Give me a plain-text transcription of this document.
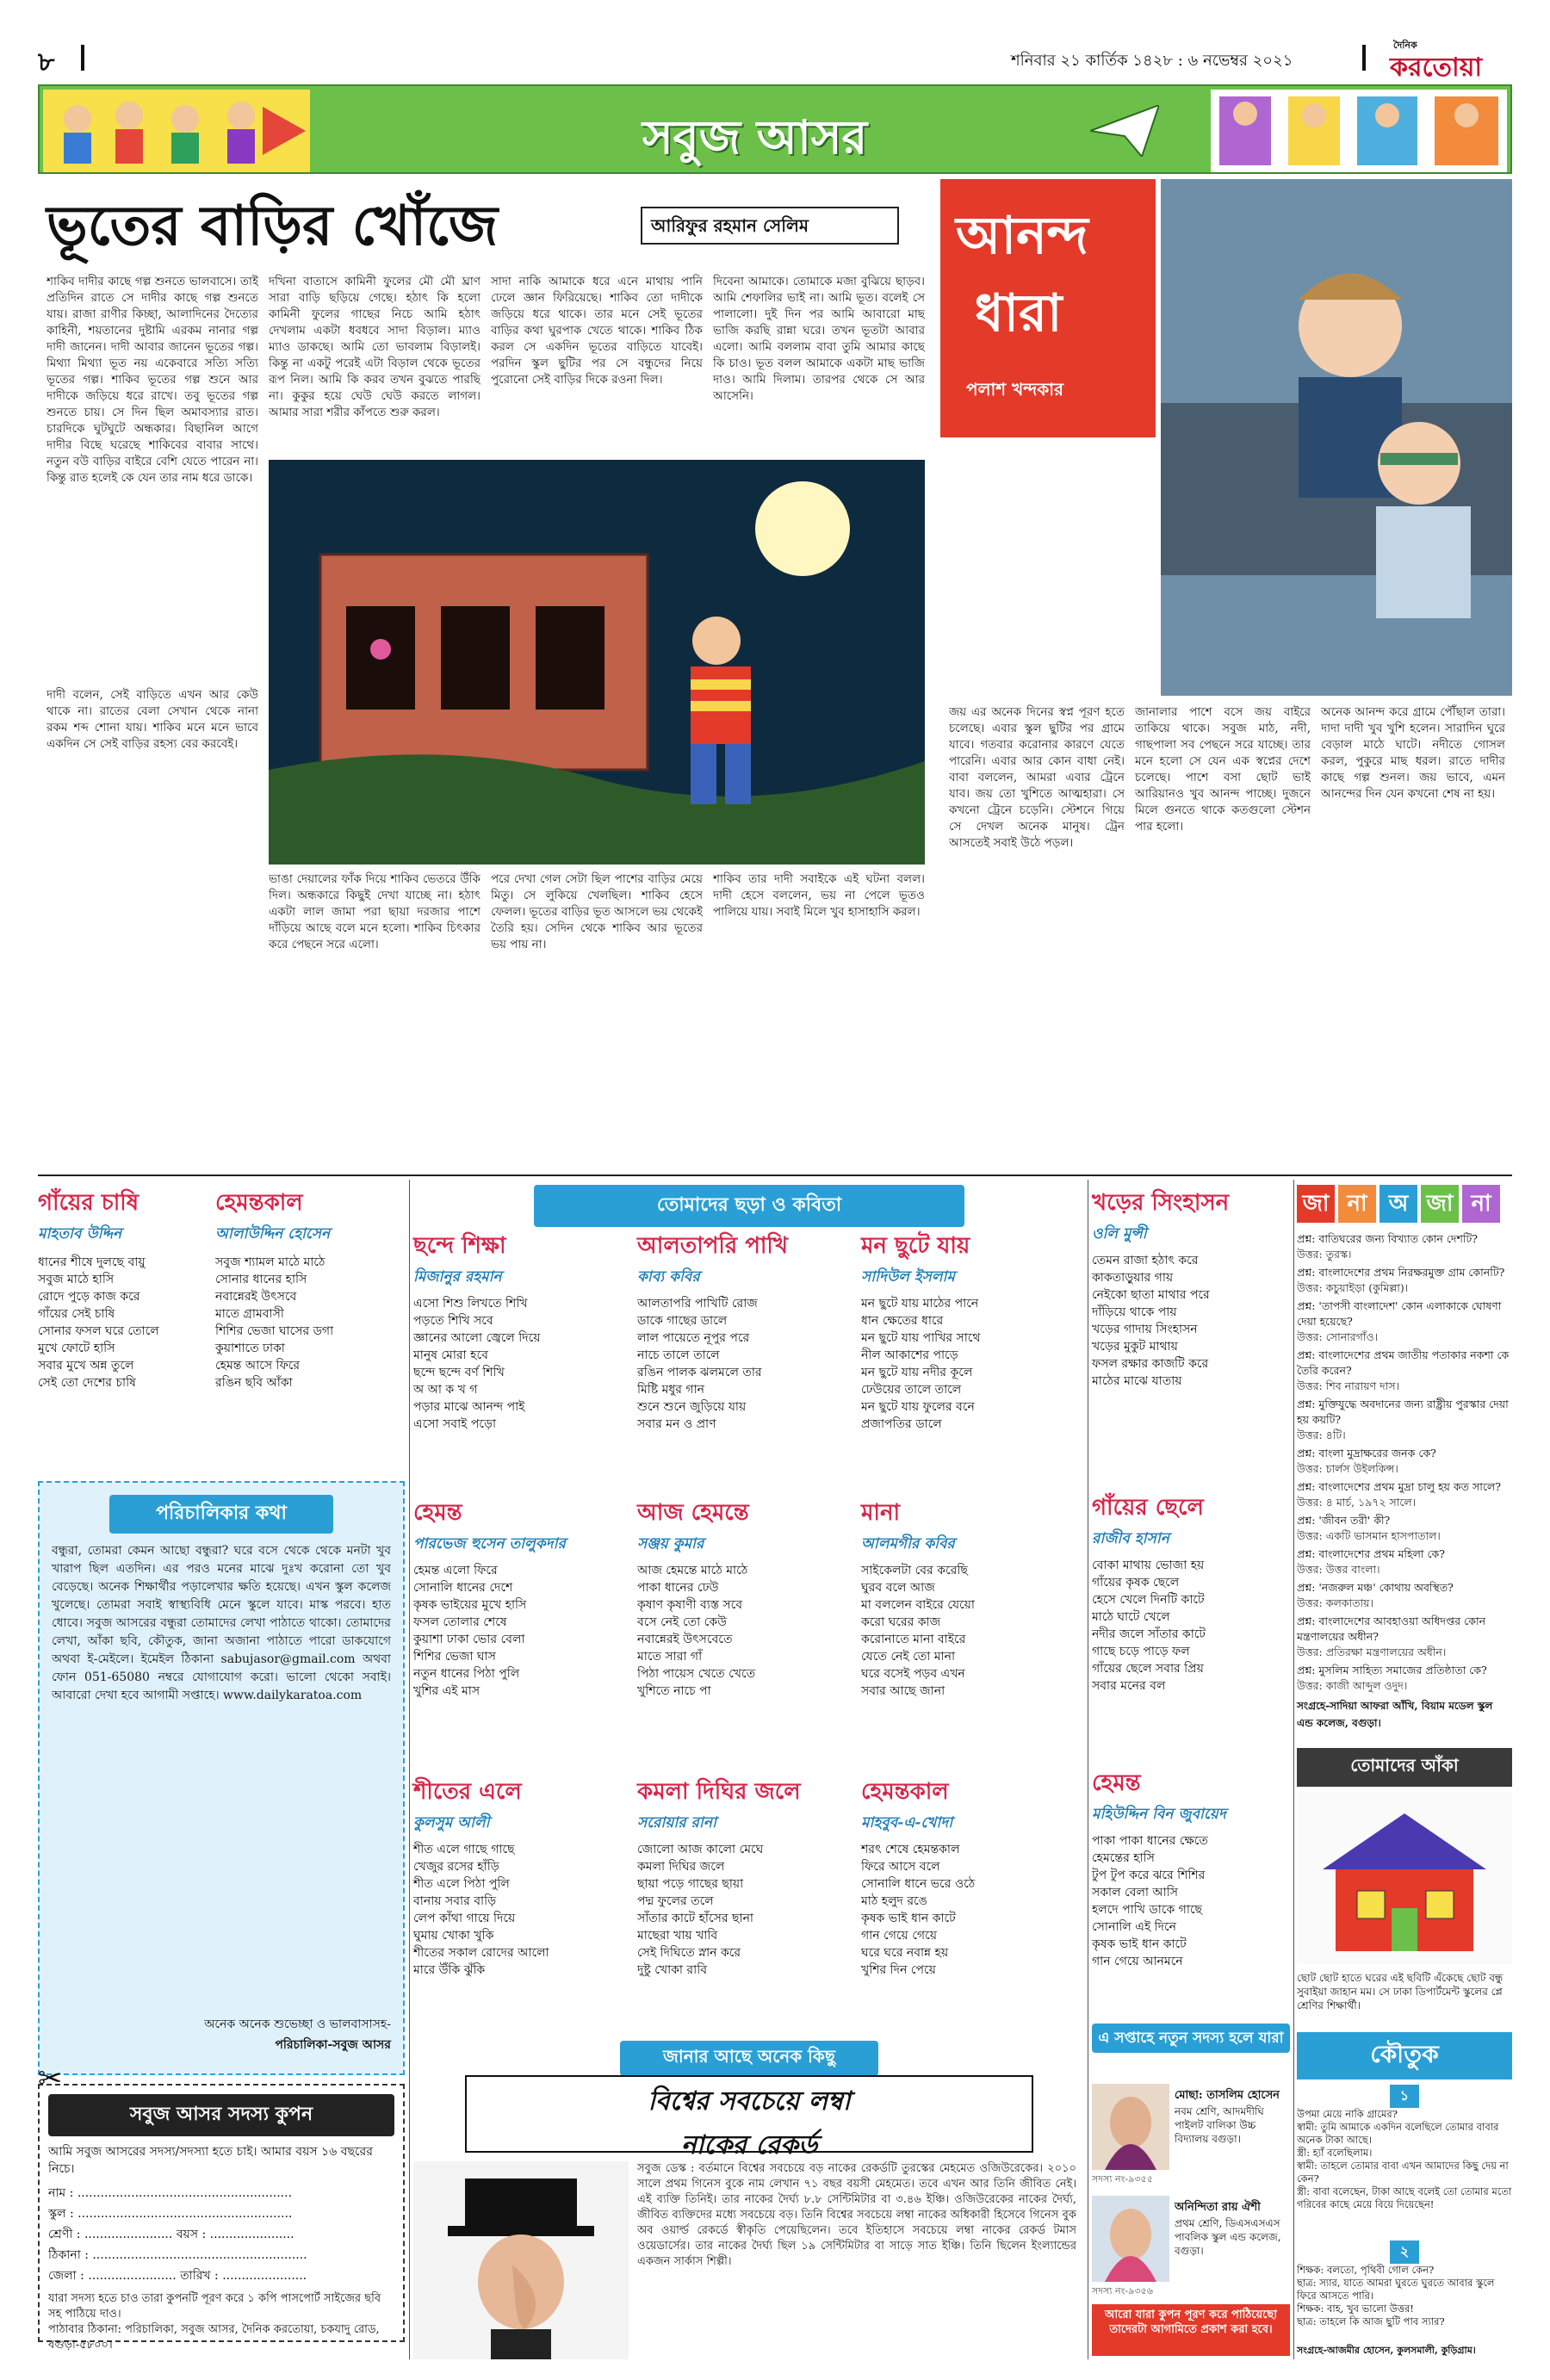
৮	শনিবার ২১ কার্তিক ১৪২৮ : ৬ নভেম্বর ২০২১
দৈনিক
করতোয়া
সবুজ আসর
ভূতের বাড়ির খোঁজে	আরিফুর রহমান সেলিম
শাকিব দাদীর কাছে গল্প শুনতে ভালবাসে। তাই প্রতিদিন রাতে সে দাদীর কাছে গল্প শুনতে যায়। রাজা রাণীর কিচ্ছা, আলাদিনের দৈত্যের কাহিনী, শয়তানের দুষ্টামি এরকম নানার গল্প দাদী জানেন। দাদী আবার জানেন ভূতের গল্প। মিথ্যা মিথ্যা ভূত নয় একেবারে সত্যি সত্যি ভূতের গল্প। শাকিব ভূতের গল্প শুনে আর দাদীকে জড়িয়ে ধরে রাখে। তবু ভূতের গল্প শুনতে চায়। সে দিন ছিল অমাবস্যার রাত। চারদিকে ঘুটঘুটে অন্ধকার। বিছানিল আগে দাদীর বিছে ঘরেছে শাকিবের বাবার সাথে। নতুন বউ বাড়ির বাইরে বেশি যেতে পারেন না। কিন্তু রাত হলেই কে যেন তার নাম ধরে ডাকে।
দখিনা বাতাসে কামিনী ফুলের মৌ মৌ ঘ্রাণ সারা বাড়ি ছড়িয়ে গেছে। হঠাৎ কি হলো কামিনী ফুলের গাছের নিচে আমি হঠাৎ দেখলাম একটা ধবধবে সাদা বিড়াল। ম্যাও ম্যাও ডাকছে। আমি তো ভাবলাম বিড়ালই। কিন্তু না একটু পরেই এটা বিড়াল থেকে ভূতের রূপ নিল। আমি কি করব তখন বুঝতে পারছি না। কুকুর হয়ে ঘেউ ঘেউ করতে লাগল। আমার সারা শরীর কাঁপতে শুরু করল।
সাদা নাকি আমাকে ধরে এনে মাথায় পানি ঢেলে জ্ঞান ফিরিয়েছে। শাকিব তো দাদীকে জড়িয়ে ধরে থাকে। তার মনে সেই ভূতের বাড়ির কথা ঘুরপাক খেতে থাকে। শাকিব ঠিক করল সে একদিন ভূতের বাড়িতে যাবেই। পরদিন স্কুল ছুটির পর সে বন্ধুদের নিয়ে পুরোনো সেই বাড়ির দিকে রওনা দিল।
দিবেনা আমাকে। তোমাকে মজা বুঝিয়ে ছাড়ব। আমি শেফালির ভাই না। আমি ভূত। বলেই সে পালালো। দুই দিন পর আমি আবারো মাছ ভাজি করছি রান্না ঘরে। তখন ভূতটা আবার এলো। আমি বললাম বাবা তুমি আমার কাছে কি চাও। ভূত বলল আমাকে একটা মাছ ভাজি দাও। আমি দিলাম। তারপর থেকে সে আর আসেনি।
দাদী বলেন, সেই বাড়িতে এখন আর কেউ থাকে না। রাতের বেলা সেখান থেকে নানা রকম শব্দ শোনা যায়। শাকিব মনে মনে ভাবে একদিন সে সেই বাড়ির রহস্য বের করবেই।
ভাঙা দেয়ালের ফাঁক দিয়ে শাকিব ভেতরে উঁকি দিল। অন্ধকারে কিছুই দেখা যাচ্ছে না। হঠাৎ একটা লাল জামা পরা ছায়া দরজার পাশে দাঁড়িয়ে আছে বলে মনে হলো। শাকিব চিৎকার করে পেছনে সরে এলো।
পরে দেখা গেল সেটা ছিল পাশের বাড়ির মেয়ে মিতু। সে লুকিয়ে খেলছিল। শাকিব হেসে ফেলল। ভূতের বাড়ির ভূত আসলে ভয় থেকেই তৈরি হয়। সেদিন থেকে শাকিব আর ভূতের ভয় পায় না।
শাকিব তার দাদী সবাইকে এই ঘটনা বলল। দাদী হেসে বললেন, ভয় না পেলে ভূতও পালিয়ে যায়। সবাই মিলে খুব হাসাহাসি করল।
আনন্দ
ধারা
পলাশ খন্দকার
জয় এর অনেক দিনের স্বপ্ন পূরণ হতে চলেছে। এবার স্কুল ছুটির পর গ্রামে যাবে। গতবার করোনার কারণে যেতে পারেনি। এবার আর কোন বাধা নেই। বাবা বললেন, আমরা এবার ট্রেনে যাব। জয় তো খুশিতে আত্মহারা। সে কখনো ট্রেনে চড়েনি। স্টেশনে গিয়ে সে দেখল অনেক মানুষ। ট্রেন আসতেই সবাই উঠে পড়ল।
জানালার পাশে বসে জয় বাইরে তাকিয়ে থাকে। সবুজ মাঠ, নদী, গাছপালা সব পেছনে সরে যাচ্ছে। তার মনে হলো সে যেন এক স্বপ্নের দেশে চলেছে। পাশে বসা ছোট ভাই আরিয়ানও খুব আনন্দ পাচ্ছে। দুজনে মিলে গুনতে থাকে কতগুলো স্টেশন পার হলো।
অনেক আনন্দ করে গ্রামে পৌঁছাল তারা। দাদা দাদী খুব খুশি হলেন। সারাদিন ঘুরে বেড়াল মাঠে ঘাটে। নদীতে গোসল করল, পুকুরে মাছ ধরল। রাতে দাদীর কাছে গল্প শুনল। জয় ভাবে, এমন আনন্দের দিন যেন কখনো শেষ না হয়।
গাঁয়ের চাষি
মাহতাব উদ্দিন
ধানের শীষে দুলছে বায়ু
সবুজ মাঠে হাসি
রোদে পুড়ে কাজ করে
গাঁয়ের সেই চাষি
সোনার ফসল ঘরে তোলে
মুখে ফোটে হাসি
সবার মুখে অন্ন তুলে
সেই তো দেশের চাষি
হেমন্তকাল
আলাউদ্দিন হোসেন
সবুজ শ্যামল মাঠে মাঠে
সোনার ধানের হাসি
নবান্নেরই উৎসবে
মাতে গ্রামবাসী
শিশির ভেজা ঘাসের ডগা
কুয়াশাতে ঢাকা
হেমন্ত আসে ফিরে
রঙিন ছবি আঁকা
পরিচালিকার কথা
বন্ধুরা, তোমরা কেমন আছো বন্ধুরা? ঘরে বসে থেকে থেকে মনটা খুব খারাপ ছিল এতদিন। এর পরও মনের মাঝে দুঃখ করোনা তো খুব বেড়েছে। অনেক শিক্ষার্থীর পড়ালেখার ক্ষতি হয়েছে। এখন স্কুল কলেজ খুলেছে। তোমরা সবাই স্বাস্থ্যবিধি মেনে স্কুলে যাবে। মাস্ক পরবে। হাত ধোবে। সবুজ আসরের বন্ধুরা তোমাদের লেখা পাঠাতে থাকো। তোমাদের লেখা, আঁকা ছবি, কৌতুক, জানা অজানা পাঠাতে পারো ডাকযোগে অথবা ই-মেইলে। ইমেইল ঠিকানা sabujasor@gmail.com অথবা ফোন 051-65080 নম্বরে যোগাযোগ করো। ভালো থেকো সবাই। আবারো দেখা হবে আগামী সপ্তাহে। www.dailykaratoa.com
অনেক অনেক শুভেচ্ছা ও ভালবাসাসহ-
পরিচালিকা-সবুজ আসর
✂
সবুজ আসর সদস্য কুপন
আমি সবুজ আসরের সদস্য/সদস্যা হতে চাই। আমার বয়স ১৬ বছরের নিচে।
নাম : ........................................................
স্কুল : ........................................................
শ্রেণী : ....................... বয়স : ......................
ঠিকানা : ........................................................
জেলা : ....................... তারিখ : ......................
যারা সদস্য হতে চাও তারা কুপনটি পূরণ করে ১ কপি পাসপোর্ট সাইজের ছবি সহ পাঠিয়ে দাও।
পাঠাবার ঠিকানা: পরিচালিকা, সবুজ আসর, দৈনিক করতোয়া, চকযাদু রোড, বগুড়া-৫৮০০।
তোমাদের ছড়া ও কবিতা
ছন্দে শিক্ষা
মিজানুর রহমান
এসো শিশু লিখতে শিখি
পড়তে শিখি সবে
জ্ঞানের আলো জ্বেলে দিয়ে
মানুষ মোরা হবে
ছন্দে ছন্দে বর্ণ শিখি
অ আ ক খ গ
পড়ার মাঝে আনন্দ পাই
এসো সবাই পড়ো
আলতাপরি পাখি
কাব্য কবির
আলতাপরি পাখিটি রোজ
ডাকে গাছের ডালে
লাল পায়েতে নূপুর পরে
নাচে তালে তালে
রঙিন পালক ঝলমলে তার
মিষ্টি মধুর গান
শুনে শুনে জুড়িয়ে যায়
সবার মন ও প্রাণ
মন ছুটে যায়
সাদিউল ইসলাম
মন ছুটে যায় মাঠের পানে
ধান ক্ষেতের ধারে
মন ছুটে যায় পাখির সাথে
নীল আকাশের পাড়ে
মন ছুটে যায় নদীর কূলে
ঢেউয়ের তালে তালে
মন ছুটে যায় ফুলের বনে
প্রজাপতির ডালে
হেমন্ত
পারভেজ হুসেন তালুকদার
হেমন্ত এলো ফিরে
সোনালি ধানের দেশে
কৃষক ভাইয়ের মুখে হাসি
ফসল তোলার শেষে
কুয়াশা ঢাকা ভোর বেলা
শিশির ভেজা ঘাস
নতুন ধানের পিঠা পুলি
খুশির এই মাস
আজ হেমন্তে
সঞ্জয় কুমার
আজ হেমন্তে মাঠে মাঠে
পাকা ধানের ঢেউ
কৃষাণ কৃষাণী ব্যস্ত সবে
বসে নেই তো কেউ
নবান্নেরই উৎসবেতে
মাতে সারা গাঁ
পিঠা পায়েস খেতে খেতে
খুশিতে নাচে পা
মানা
আলমগীর কবির
সাইকেলটা বের করেছি
ঘুরব বলে আজ
মা বললেন বাইরে যেয়ো
করো ঘরের কাজ
করোনাতে মানা বাইরে
যেতে নেই তো মানা
ঘরে বসেই পড়ব এখন
সবার আছে জানা
শীতের এলে
কুলসুম আলী
শীত এলে গাছে গাছে
খেজুর রসের হাঁড়ি
শীত এলে পিঠা পুলি
বানায় সবার বাড়ি
লেপ কাঁথা গায়ে দিয়ে
ঘুমায় খোকা খুকি
শীতের সকাল রোদের আলো
মারে উঁকি ঝুঁকি
কমলা দিঘির জলে
সরোয়ার রানা
জোলো আজ কালো মেঘে
কমলা দিঘির জলে
ছায়া পড়ে গাছের ছায়া
পদ্ম ফুলের তলে
সাঁতার কাটে হাঁসের ছানা
মাছেরা খায় খাবি
সেই দিঘিতে স্নান করে
দুষ্টু খোকা রাবি
হেমন্তকাল
মাহবুব-এ-খোদা
শরৎ শেষে হেমন্তকাল
ফিরে আসে বলে
সোনালি ধানে ভরে ওঠে
মাঠ হলুদ রঙে
কৃষক ভাই ধান কাটে
গান গেয়ে গেয়ে
ঘরে ঘরে নবান্ন হয়
খুশির দিন পেয়ে
জানার আছে অনেক কিছু
বিশ্বের সবচেয়ে লম্বা
নাকের রেকর্ড
সবুজ ডেস্ক : বর্তমানে বিশ্বের সবচেয়ে বড় নাকের রেকর্ডটি তুরস্কের মেহমেত ওজিউরেকের। ২০১০ সালে প্রথম গিনেস বুকে নাম লেখান ৭১ বছর বয়সী মেহমেত। তবে এখন আর তিনি জীবিত নেই। এই ব্যক্তি তিনিই। তার নাকের দৈর্ঘ্য ৮.৮ সেন্টিমিটার বা ৩.৪৬ ইঞ্চি। ওজিউরেকের নাকের দৈর্ঘ্য, জীবিত ব্যক্তিদের মধ্যে সবচেয়ে বড়। তিনি বিশ্বের সবচেয়ে লম্বা নাকের অধিকারী হিসেবে গিনেস বুক অব ওয়ার্ল্ড রেকর্ডে স্বীকৃতি পেয়েছিলেন। তবে ইতিহাসে সবচেয়ে লম্বা নাকের রেকর্ড টমাস ওয়েডার্সের। তার নাকের দৈর্ঘ্য ছিল ১৯ সেন্টিমিটার বা সাড়ে সাত ইঞ্চি। তিনি ছিলেন ইংল্যান্ডের একজন সার্কাস শিল্পী।
খড়ের সিংহাসন
ওলি মুন্সী
তেমন রাজা হঠাৎ করে
কাকতাড়ুয়ার গায়
নেইকো ছাতা মাথার পরে
দাঁড়িয়ে থাকে পায়
খড়ের গাদায় সিংহাসন
খড়ের মুকুট মাথায়
ফসল রক্ষার কাজটি করে
মাঠের মাঝে যাতায়
গাঁয়ের ছেলে
রাজীব হাসান
বোকা মাথায় ভোজা হয়
গাঁয়ের কৃষক ছেলে
হেসে খেলে দিনটি কাটে
মাঠে ঘাটে খেলে
নদীর জলে সাঁতার কাটে
গাছে চড়ে পাড়ে ফল
গাঁয়ের ছেলে সবার প্রিয়
সবার মনের বল
হেমন্ত
মহিউদ্দিন বিন জুবায়েদ
পাকা পাকা ধানের ক্ষেতে
হেমন্তের হাসি
টুপ টুপ করে ঝরে শিশির
সকাল বেলা আসি
হলদে পাখি ডাকে গাছে
সোনালি এই দিনে
কৃষক ভাই ধান কাটে
গান গেয়ে আনমনে
এ সপ্তাহে নতুন সদস্য হলে যারা
মোছা: তাসলিম হোসেন
নবম শ্রেণি, আদমদীঘি পাইলট বালিকা উচ্চ বিদ্যালয় বগুড়া।
সদস্য নং-৯৩৫৫
অনিন্দিতা রায় ঐশী
প্রথম শ্রেণি, ডিএসএসএস পাবলিক স্কুল এন্ড কলেজ, বগুড়া।
সদস্য নং-৯৩৫৬
আরো যারা কুপন পূরণ করে পাঠিয়েছো তাদেরটা আগামিতে প্রকাশ করা হবে।
জা না অ জা না
প্রশ্ন: বাতিঘরের জন্য বিখ্যাত কোন দেশটি?
উত্তর: তুরস্ক।
প্রশ্ন: বাংলাদেশের প্রথম নিরক্ষরমুক্ত গ্রাম কোনটি?
উত্তর: কচুয়াইড়া (কুমিল্লা)।
প্রশ্ন: 'তাপসী বাংলাদেশ' কোন এলাকাকে ঘোষণা দেয়া হয়েছে?
উত্তর: সোনারগাঁও।
প্রশ্ন: বাংলাদেশের প্রথম জাতীয় পতাকার নকশা কে তৈরি করেন?
উত্তর: শিব নারায়ণ দাস।
প্রশ্ন: মুক্তিযুদ্ধে অবদানের জন্য রাষ্ট্রীয় পুরস্কার দেয়া হয় কয়টি?
উত্তর: ৪টি।
প্রশ্ন: বাংলা মুদ্রাক্ষরের জনক কে?
উত্তর: চার্লস উইলকিন্স।
প্রশ্ন: বাংলাদেশের প্রথম মুদ্রা চালু হয় কত সালে?
উত্তর: ৪ মার্চ, ১৯৭২ সালে।
প্রশ্ন: 'জীবন তরী' কী?
উত্তর: একটি ভাসমান হাসপাতাল।
প্রশ্ন: বাংলাদেশের প্রথম মহিলা কে?
উত্তর: উত্তর বাংলা।
প্রশ্ন: 'নজরুল মঞ্চ' কোথায় অবস্থিত?
উত্তর: কলকাতায়।
প্রশ্ন: বাংলাদেশের আবহাওয়া অধিদপ্তর কোন মন্ত্রণালয়ের অধীন?
উত্তর: প্রতিরক্ষা মন্ত্রণালয়ের অধীন।
প্রশ্ন: মুসলিম সাহিত্য সমাজের প্রতিষ্ঠাতা কে?
উত্তর: কাজী আব্দুল ওদুদ।
সংগ্রহে-সাদিয়া আফরা আঁখি, বিয়াম মডেল স্কুল এন্ড কলেজ, বগুড়া।
তোমাদের আঁকা
ছোট ছোট হাতে ঘরের এই ছবিটি এঁকেছে ছোট বন্ধু সুবাইয়া জাহান মম। সে ঢাকা ডিপার্টমেন্ট স্কুলের প্লে শ্রেণির শিক্ষার্থী।
কৌতুক
১
উপমা মেয়ে নাকি গ্রামের?
স্বামী: তুমি আমাকে একদিন বলেছিলে তোমার বাবার অনেক টাকা আছে।
স্ত্রী: হ্যাঁ বলেছিলাম।
স্বামী: তাহলে তোমার বাবা এখন আমাদের কিছু দেয় না কেন?
স্ত্রী: বাবা বলেছেন, টাকা আছে বলেই তো তোমার মতো গরিবের কাছে মেয়ে বিয়ে দিয়েছেন!
২
শিক্ষক: বলতো, পৃথিবী গোল কেন?
ছাত্র: স্যার, যাতে আমরা ঘুরতে ঘুরতে আবার স্কুলে ফিরে আসতে পারি।
শিক্ষক: বাহ, খুব ভালো উত্তর!
ছাত্র: তাহলে কি আজ ছুটি পাব স্যার?
সংগ্রহে-আজমীর হোসেন, কুলসমালী, কুড়িগ্রাম।
